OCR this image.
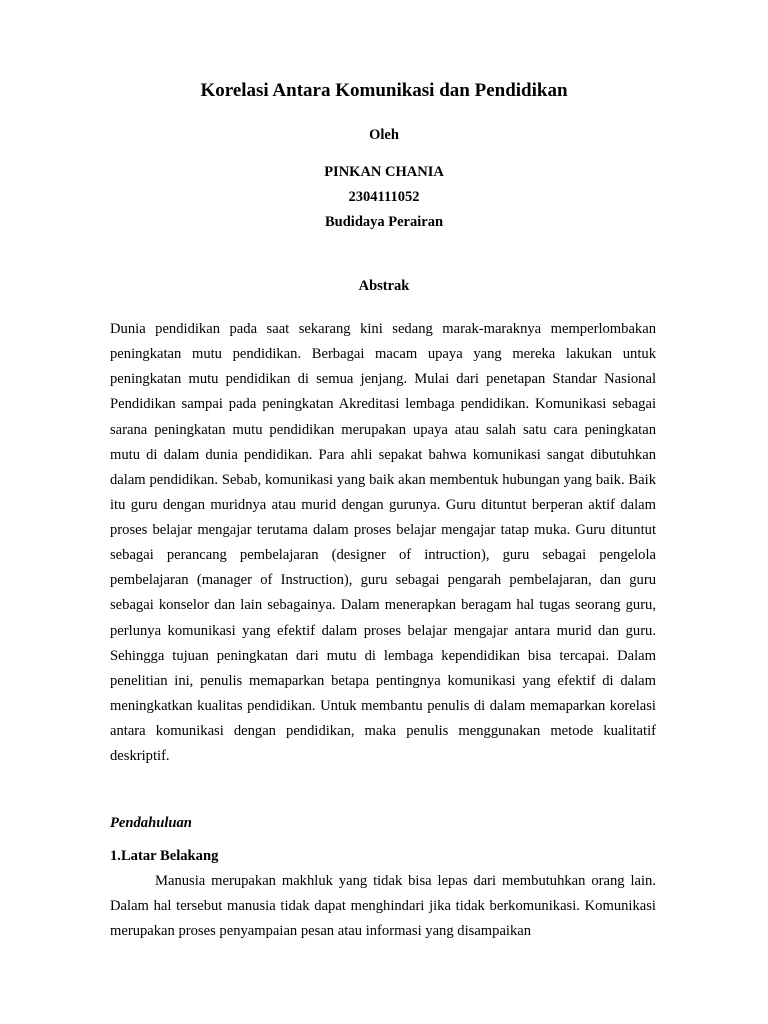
Korelasi Antara Komunikasi dan Pendidikan

Oleh

PINKAN CHANIA

2304111052

Budidaya Perairan

Abstrak

Dunia pendidikan pada saat sekarang kini sedang marak-maraknya memperlombakan peningkatan mutu pendidikan. Berbagai macam upaya yang mereka lakukan untuk peningkatan mutu pendidikan di semua jenjang. Mulai dari penetapan Standar Nasional Pendidikan sampai pada peningkatan Akreditasi lembaga pendidikan. Komunikasi sebagai sarana peningkatan mutu pendidikan merupakan upaya atau salah satu cara peningkatan mutu di dalam dunia pendidikan. Para ahli sepakat bahwa komunikasi sangat dibutuhkan dalam pendidikan. Sebab, komunikasi yang baik akan membentuk hubungan yang baik. Baik itu guru dengan muridnya atau murid dengan gurunya. Guru dituntut berperan aktif dalam proses belajar mengajar terutama dalam proses belajar mengajar tatap muka. Guru dituntut sebagai perancang pembelajaran (designer of intruction), guru sebagai pengelola pembelajaran (manager of Instruction), guru sebagai pengarah pembelajaran, dan guru sebagai konselor dan lain sebagainya. Dalam menerapkan beragam hal tugas seorang guru, perlunya komunikasi yang efektif dalam proses belajar mengajar antara murid dan guru. Sehingga tujuan peningkatan dari mutu di lembaga kependidikan bisa tercapai. Dalam penelitian ini, penulis memaparkan betapa pentingnya komunikasi yang efektif di dalam meningkatkan kualitas pendidikan. Untuk membantu penulis di dalam memaparkan korelasi antara komunikasi dengan pendidikan, maka penulis menggunakan metode kualitatif deskriptif.

Pendahuluan

1.Latar Belakang

Manusia merupakan makhluk yang tidak bisa lepas dari membutuhkan orang lain. Dalam hal tersebut manusia tidak dapat menghindari jika tidak berkomunikasi. Komunikasi merupakan proses penyampaian pesan atau informasi yang disampaikan
